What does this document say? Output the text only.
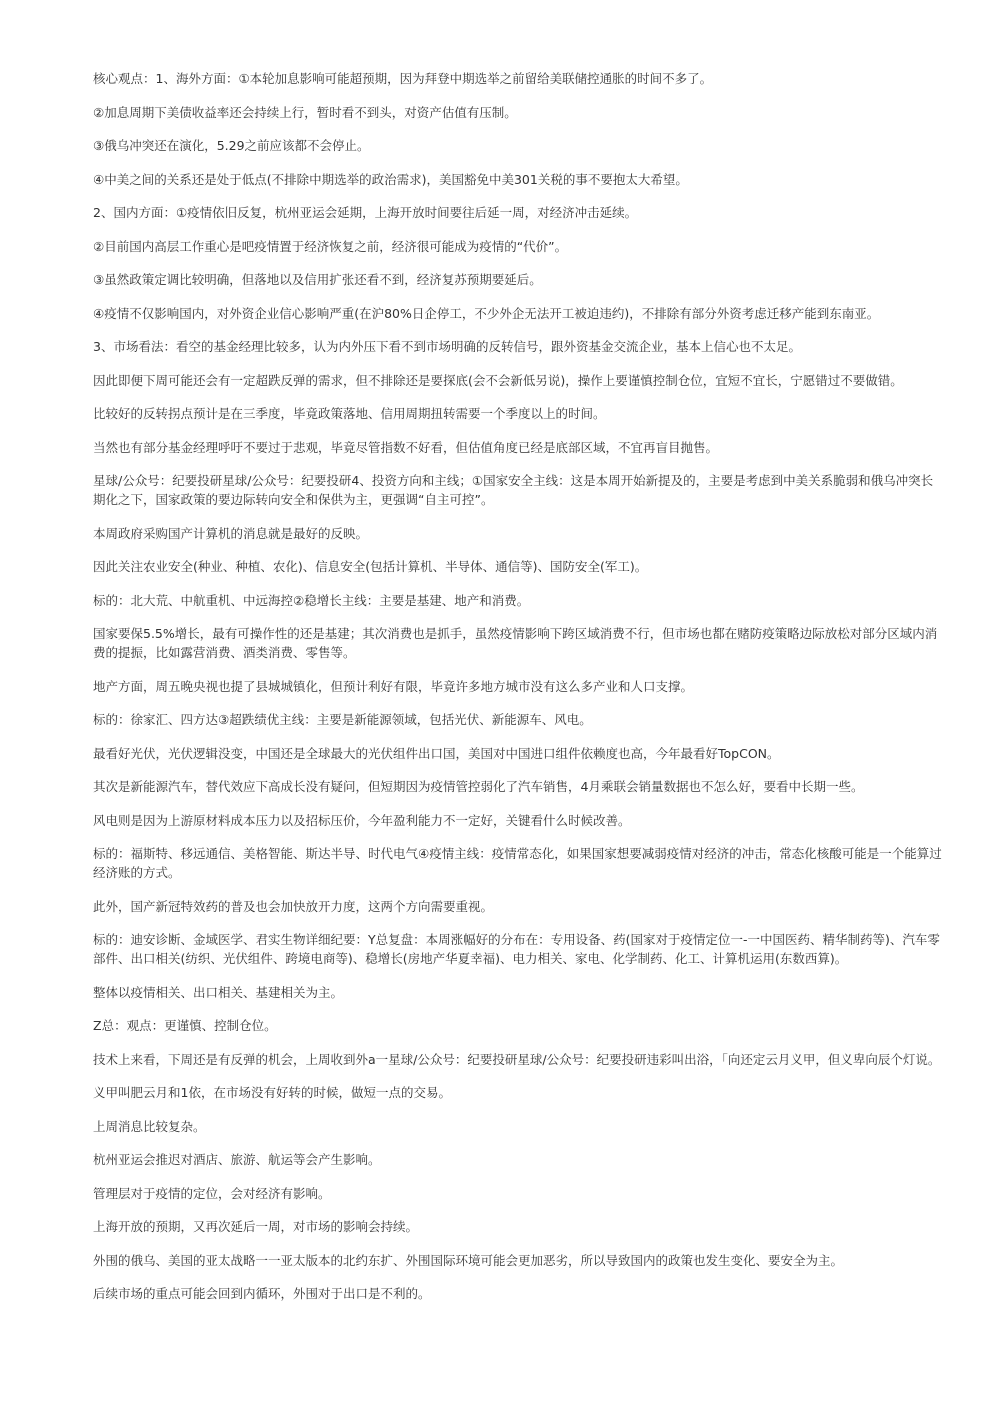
核心观点：1、海外方面：①本轮加息影响可能超预期，因为拜登中期选举之前留给美联储控通胀的时间不多了。

②加息周期下美债收益率还会持续上行，暂时看不到头，对资产估值有压制。

③俄乌冲突还在演化，5.29之前应该都不会停止。

④中美之间的关系还是处于低点(不排除中期选举的政治需求)，美国豁免中美301关税的事不要抱太大希望。

2、国内方面：①疫情依旧反复，杭州亚运会延期，上海开放时间要往后延一周，对经济冲击延续。

②目前国内高层工作重心是吧疫情置于经济恢复之前，经济很可能成为疫情的“代价”。

③虽然政策定调比较明确，但落地以及信用扩张还看不到，经济复苏预期要延后。

④疫情不仅影响国内，对外资企业信心影响严重(在沪80%日企停工，不少外企无法开工被迫违约)，不排除有部分外资考虑迁移产能到东南亚。

3、市场看法：看空的基金经理比较多，认为内外压下看不到市场明确的反转信号，跟外资基金交流企业，基本上信心也不太足。

因此即便下周可能还会有一定超跌反弹的需求，但不排除还是要探底(会不会新低另说)，操作上要谨慎控制仓位，宜短不宜长，宁愿错过不要做错。

比较好的反转拐点预计是在三季度，毕竟政策落地、信用周期扭转需要一个季度以上的时间。

当然也有部分基金经理呼吁不要过于悲观，毕竟尽管指数不好看，但估值角度已经是底部区域，不宜再盲目抛售。

星球/公众号：纪要投研星球/公众号：纪要投研4、投资方向和主线；①国家安全主线：这是本周开始新提及的，主要是考虑到中美关系脆弱和俄乌冲突长期化之下，国家政策的要边际转向安全和保供为主，更强调“自主可控”。

本周政府采购国产计算机的消息就是最好的反映。

因此关注农业安全(种业、种植、农化)、信息安全(包括计算机、半导体、通信等)、国防安全(军工)。

标的：北大荒、中航重机、中远海控②稳增长主线：主要是基建、地产和消费。

国家要保5.5%增长，最有可操作性的还是基建；其次消费也是抓手，虽然疫情影响下跨区域消费不行，但市场也都在赌防疫策略边际放松对部分区域内消费的提振，比如露营消费、酒类消费、零售等。

地产方面，周五晚央视也提了县城城镇化，但预计利好有限，毕竟许多地方城市没有这么多产业和人口支撑。

标的：徐家汇、四方达③超跌绩优主线：主要是新能源领域，包括光伏、新能源车、风电。

最看好光伏，光伏逻辑没变，中国还是全球最大的光伏组件出口国，美国对中国进口组件依赖度也高，今年最看好TopCON。

其次是新能源汽车，替代效应下高成长没有疑问，但短期因为疫情管控弱化了汽车销售，4月乘联会销量数据也不怎么好，要看中长期一些。

风电则是因为上游原材料成本压力以及招标压价，今年盈利能力不一定好，关键看什么时候改善。

标的：福斯特、移远通信、美格智能、斯达半导、时代电气④疫情主线：疫情常态化，如果国家想要减弱疫情对经济的冲击，常态化核酸可能是一个能算过经济账的方式。

此外，国产新冠特效药的普及也会加快放开力度，这两个方向需要重视。

标的：迪安诊断、金域医学、君实生物详细纪要：Y总复盘：本周涨幅好的分布在：专用设备、药(国家对于疫情定位一-一中国医药、精华制药等)、汽车零部件、出口相关(纺织、光伏组件、跨境电商等)、稳增长(房地产华夏幸福)、电力相关、家电、化学制药、化工、计算机运用(东数西算)。

整体以疫情相关、出口相关、基建相关为主。

Z总：观点：更谨慎、控制仓位。

技术上来看，下周还是有反弹的机会，上周收到外a一星球/公众号：纪要投研星球/公众号：纪要投研违彩叫出浴，「向还定云月义甲，但义卑向辰个灯说。

义甲叫肥云月和1依，在市场没有好转的时候，做短一点的交易。

上周消息比较复杂。

杭州亚运会推迟对酒店、旅游、航运等会产生影响。

管理层对于疫情的定位，会对经济有影响。

上海开放的预期，又再次延后一周，对市场的影响会持续。

外围的俄乌、美国的亚太战略一一亚太版本的北约东扩、外围国际环境可能会更加恶劣，所以导致国内的政策也发生变化、要安全为主。

后续市场的重点可能会回到内循环，外围对于出口是不利的。
